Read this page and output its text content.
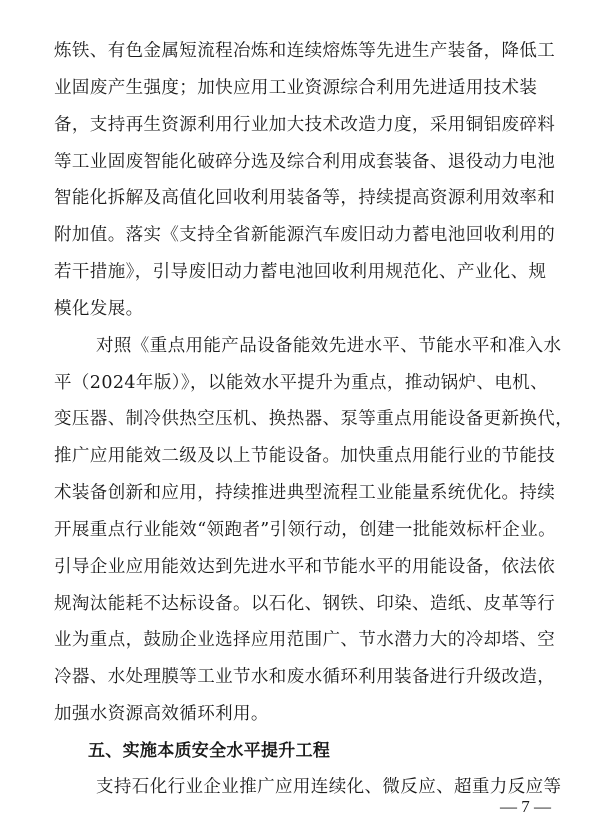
炼铁、有色金属短流程冶炼和连续熔炼等先进生产装备，降低工
业固废产生强度；加快应用工业资源综合利用先进适用技术装
备，支持再生资源利用行业加大技术改造力度，采用铜铝废碎料
等工业固废智能化破碎分选及综合利用成套装备、退役动力电池
智能化拆解及高值化回收利用装备等，持续提高资源利用效率和
附加值。落实《支持全省新能源汽车废旧动力蓄电池回收利用的
若干措施》，引导废旧动力蓄电池回收利用规范化、产业化、规
模化发展。
对照《重点用能产品设备能效先进水平、节能水平和准入水
平（2024年版）》，以能效水平提升为重点，推动锅炉、电机、
变压器、制冷供热空压机、换热器、泵等重点用能设备更新换代，
推广应用能效二级及以上节能设备。加快重点用能行业的节能技
术装备创新和应用，持续推进典型流程工业能量系统优化。持续
开展重点行业能效“领跑者”引领行动，创建一批能效标杆企业。
引导企业应用能效达到先进水平和节能水平的用能设备，依法依
规淘汰能耗不达标设备。以石化、钢铁、印染、造纸、皮革等行
业为重点，鼓励企业选择应用范围广、节水潜力大的冷却塔、空
冷器、水处理膜等工业节水和废水循环利用装备进行升级改造，
加强水资源高效循环利用。
五、实施本质安全水平提升工程
支持石化行业企业推广应用连续化、微反应、超重力反应等
— 7 —
